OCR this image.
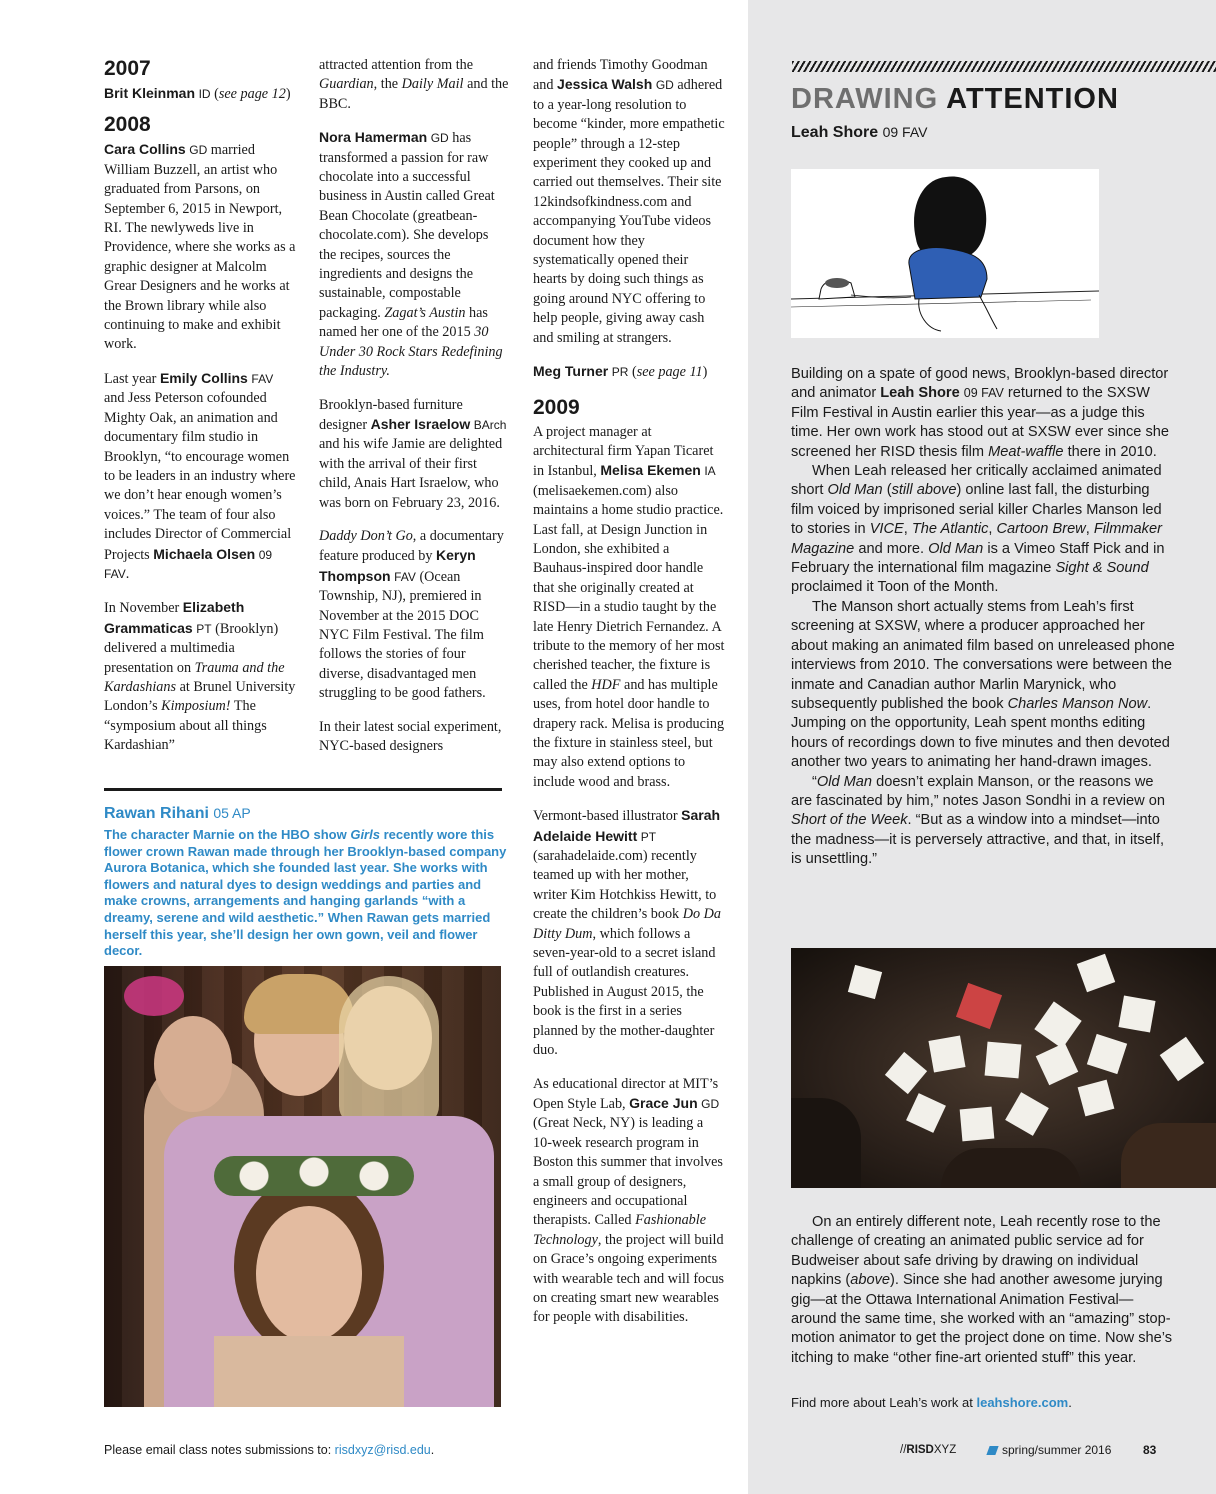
2007

Brit Kleinman ID (see page 12)

2008

Cara Collins GD married William Buzzell, an artist who graduated from Parsons, on September 6, 2015 in Newport, RI. The newlyweds live in Providence, where she works as a graphic designer at Malcolm Grear Designers and he works at the Brown library while also continuing to make and exhibit work.

Last year Emily Collins FAV and Jess Peterson cofounded Mighty Oak, an animation and documentary film studio in Brooklyn, “to encourage women to be leaders in an industry where we don’t hear enough women’s voices.” The team of four also includes Director of Commercial Projects Michaela Olsen 09 FAV.

In November Elizabeth Grammaticas PT (Brooklyn) delivered a multimedia presentation on Trauma and the Kardashians at Brunel University London’s Kimposium! The “symposium about all things Kardashian”

attracted attention from the Guardian, the Daily Mail and the BBC.

Nora Hamerman GD has transformed a passion for raw chocolate into a successful business in Austin called Great Bean Chocolate (greatbean-chocolate.com). She develops the recipes, sources the ingredients and designs the sustainable, compostable packaging. Zagat’s Austin has named her one of the 2015 30 Under 30 Rock Stars Redefining the Industry.

Brooklyn-based furniture designer Asher Israelow BArch and his wife Jamie are delighted with the arrival of their first child, Anais Hart Israelow, who was born on February 23, 2016.

Daddy Don’t Go, a documentary feature produced by Keryn Thompson FAV (Ocean Township, NJ), premiered in November at the 2015 DOC NYC Film Festival. The film follows the stories of four diverse, disadvantaged men struggling to be good fathers.

In their latest social experiment, NYC-based designers

Rawan Rihani 05 AP
The character Marnie on the HBO show Girls recently wore this flower crown Rawan made through her Brooklyn-based company Aurora Botanica, which she founded last year. She works with flowers and natural dyes to design weddings and parties and make crowns, arrangements and hanging garlands “with a dreamy, serene and wild aesthetic.” When Rawan gets married herself this year, she’ll design her own gown, veil and flower decor.

and friends Timothy Goodman and Jessica Walsh GD adhered to a year-long resolution to become “kinder, more empathetic people” through a 12-step experiment they cooked up and carried out themselves. Their site 12kindsofkindness.com and accompanying YouTube videos document how they systematically opened their hearts by doing such things as going around NYC offering to help people, giving away cash and smiling at strangers.

Meg Turner PR (see page 11)

2009

A project manager at architectural firm Yapan Ticaret in Istanbul, Melisa Ekemen IA (melisaekemen.com) also maintains a home studio practice. Last fall, at Design Junction in London, she exhibited a Bauhaus-inspired door handle that she originally created at RISD—in a studio taught by the late Henry Dietrich Fernandez. A tribute to the memory of her most cherished teacher, the fixture is called the HDF and has multiple uses, from hotel door handle to drapery rack. Melisa is producing the fixture in stainless steel, but may also extend options to include wood and brass.

Vermont-based illustrator Sarah Adelaide Hewitt PT (sarahadelaide.com) recently teamed up with her mother, writer Kim Hotchkiss Hewitt, to create the children’s book Do Da Ditty Dum, which follows a seven-year-old to a secret island full of outlandish creatures. Published in August 2015, the book is the first in a series planned by the mother-daughter duo.

As educational director at MIT’s Open Style Lab, Grace Jun GD (Great Neck, NY) is leading a 10-week research program in Boston this summer that involves a small group of designers, engineers and occupational therapists. Called Fashionable Technology, the project will build on Grace’s ongoing experiments with wearable tech and will focus on creating smart new wearables for people with disabilities.

DRAWING ATTENTION
Leah Shore 09 FAV

Building on a spate of good news, Brooklyn-based director and animator Leah Shore 09 FAV returned to the SXSW Film Festival in Austin earlier this year—as a judge this time. Her own work has stood out at SXSW ever since she screened her RISD thesis film Meat-waffle there in 2010.

When Leah released her critically acclaimed animated short Old Man (still above) online last fall, the disturbing film voiced by imprisoned serial killer Charles Manson led to stories in VICE, The Atlantic, Cartoon Brew, Filmmaker Magazine and more. Old Man is a Vimeo Staff Pick and in February the international film magazine Sight & Sound proclaimed it Toon of the Month.

The Manson short actually stems from Leah’s first screening at SXSW, where a producer approached her about making an animated film based on unreleased phone interviews from 2010. The conversations were between the inmate and Canadian author Marlin Marynick, who subsequently published the book Charles Manson Now. Jumping on the opportunity, Leah spent months editing hours of recordings down to five minutes and then devoted another two years to animating her hand-drawn images.

“Old Man doesn’t explain Manson, or the reasons we are fascinated by him,” notes Jason Sondhi in a review on Short of the Week. “But as a window into a mindset—into the madness—it is perversely attractive, and that, in itself, is unsettling.”

On an entirely different note, Leah recently rose to the challenge of creating an animated public service ad for Budweiser about safe driving by drawing on individual napkins (above). Since she had another awesome jurying gig—at the Ottawa International Animation Festival—around the same time, she worked with an “amazing” stop-motion animator to get the project done on time. Now she’s itching to make “other fine-art oriented stuff” this year.

Find more about Leah’s work at leahshore.com.
Please email class notes submissions to: risdxyz@risd.edu.	//RISDXYZ	spring/summer 2016	83
